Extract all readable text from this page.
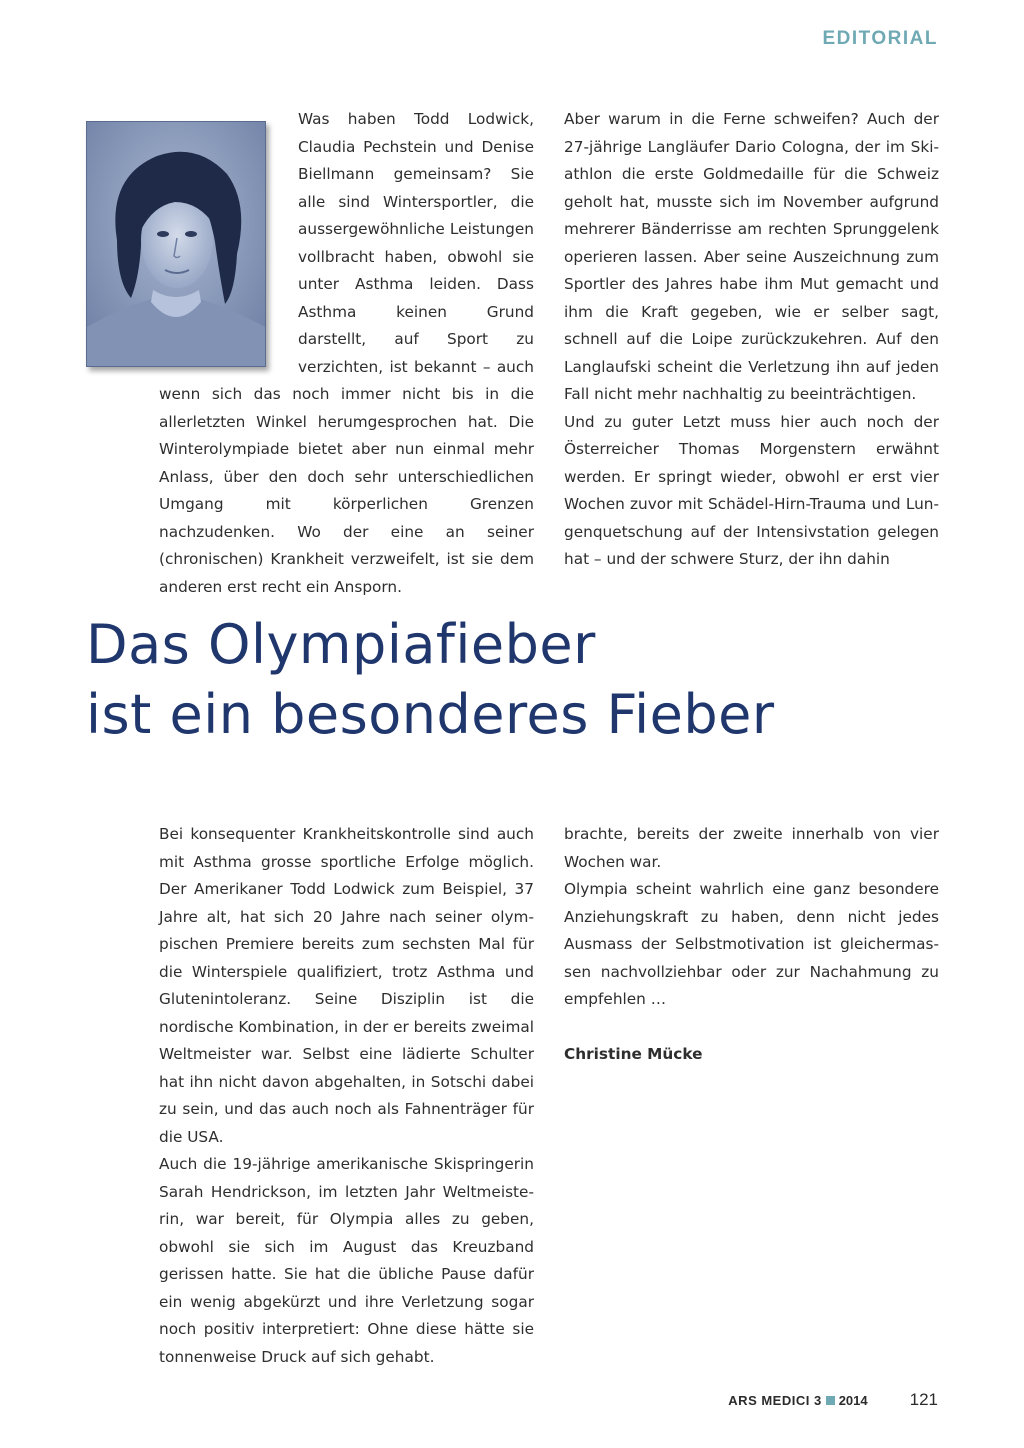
EDITORIAL

Was haben Todd Lodwick, Claudia Pechstein und Denise Biellmann gemeinsam? Sie alle sind Wintersportler, die aussergewöhnliche Leistungen vollbracht haben, obwohl sie unter Asthma leiden. Dass Asthma keinen Grund darstellt, auf Sport zu verzichten, ist bekannt – auch wenn sich das noch immer nicht bis in die allerletzten Winkel herumgesprochen hat. Die Winterolympiade bietet aber nun einmal mehr Anlass, über den doch sehr unterschiedlichen Umgang mit körperlichen Grenzen nachzudenken. Wo der eine an seiner (chronischen) Krankheit verzweifelt, ist sie dem anderen erst recht ein Ansporn.

Aber warum in die Ferne schweifen? Auch der 27-jährige Langläufer Dario Cologna, der im Skiathlon die erste Goldmedaille für die Schweiz geholt hat, musste sich im November aufgrund mehrerer Bänderrisse am rechten Sprunggelenk operieren lassen. Aber seine Auszeichnung zum Sportler des Jahres habe ihm Mut gemacht und ihm die Kraft gegeben, wie er selber sagt, schnell auf die Loipe zurückzukehren. Auf den Langlaufski scheint die Verletzung ihn auf jeden Fall nicht mehr nachhaltig zu beeinträchtigen.

Und zu guter Letzt muss hier auch noch der Österreicher Thomas Morgenstern erwähnt werden. Er springt wieder, obwohl er erst vier Wochen zuvor mit Schädel-Hirn-Trauma und Lungenquetschung auf der Intensivstation gelegen hat – und der schwere Sturz, der ihn dahin

Das Olympiafieber
ist ein besonderes Fieber

Bei konsequenter Krankheitskontrolle sind auch mit Asthma grosse sportliche Erfolge möglich. Der Amerikaner Todd Lodwick zum Beispiel, 37 Jahre alt, hat sich 20 Jahre nach seiner olympischen Premiere bereits zum sechsten Mal für die Winterspiele qualifiziert, trotz Asthma und Glutenintoleranz. Seine Disziplin ist die nordische Kombination, in der er bereits zweimal Weltmeister war. Selbst eine lädierte Schulter hat ihn nicht davon abgehalten, in Sotschi dabei zu sein, und das auch noch als Fahnenträger für die USA.

Auch die 19-jährige amerikanische Skispringerin Sarah Hendrickson, im letzten Jahr Weltmeisterin, war bereit, für Olympia alles zu geben, obwohl sie sich im August das Kreuzband gerissen hatte. Sie hat die übliche Pause dafür ein wenig abgekürzt und ihre Verletzung sogar noch positiv interpretiert: Ohne diese hätte sie tonnenweise Druck auf sich gehabt.

brachte, bereits der zweite innerhalb von vier Wochen war.

Olympia scheint wahrlich eine ganz besondere Anziehungskraft zu haben, denn nicht jedes Ausmass der Selbstmotivation ist gleichermassen nachvollziehbar oder zur Nachahmung zu empfehlen …

Christine Mücke

ARS MEDICI 3 2014 121
